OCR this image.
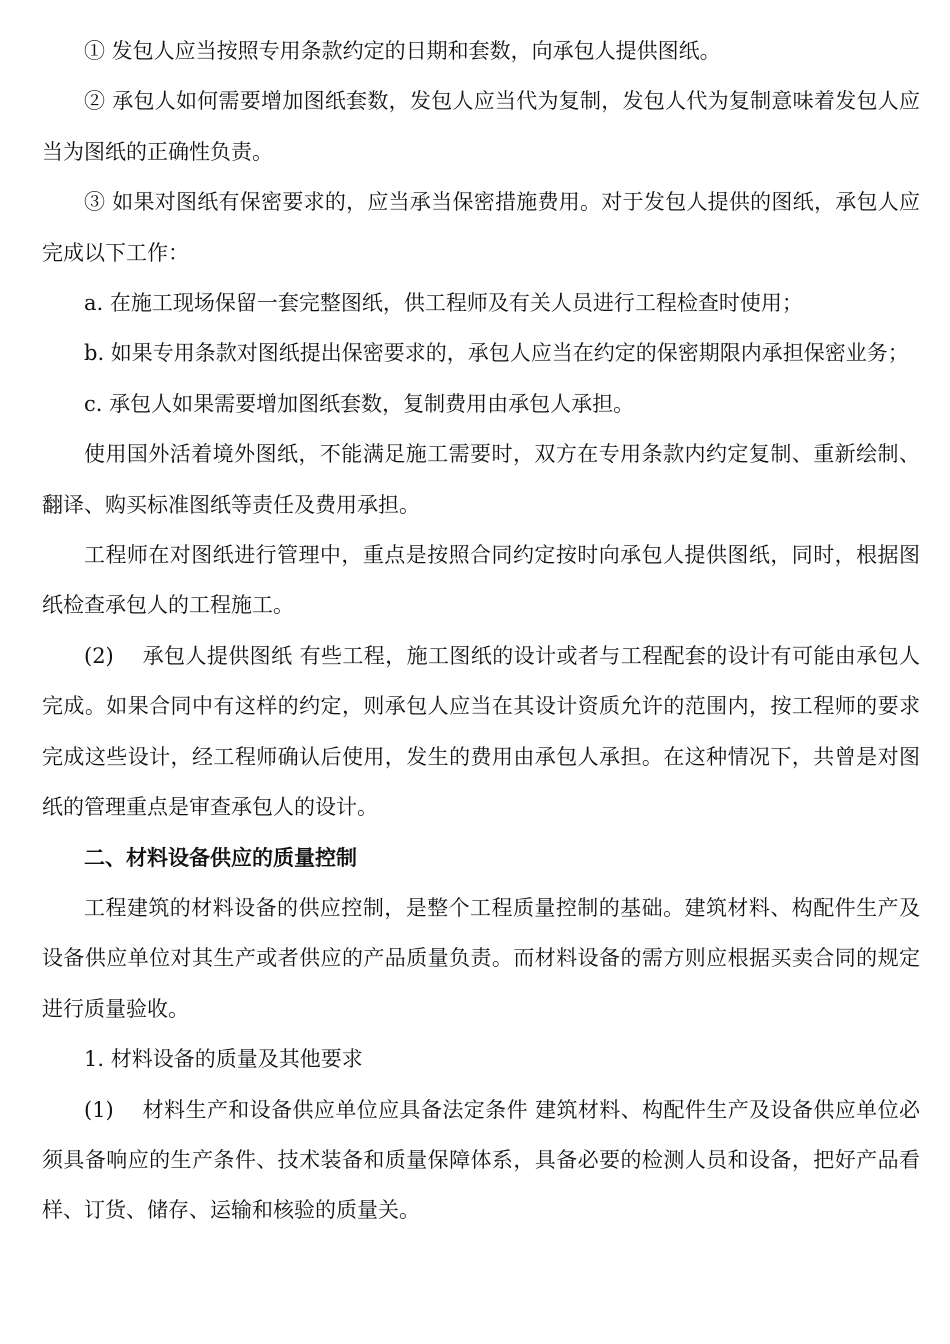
① 发包人应当按照专用条款约定的日期和套数，向承包人提供图纸。

② 承包人如何需要增加图纸套数，发包人应当代为复制，发包人代为复制意味着发包人应当为图纸的正确性负责。

③ 如果对图纸有保密要求的，应当承当保密措施费用。对于发包人提供的图纸，承包人应完成以下工作：

a. 在施工现场保留一套完整图纸，供工程师及有关人员进行工程检查时使用；

b. 如果专用条款对图纸提出保密要求的，承包人应当在约定的保密期限内承担保密业务；

c. 承包人如果需要增加图纸套数，复制费用由承包人承担。

使用国外活着境外图纸，不能满足施工需要时，双方在专用条款内约定复制、重新绘制、翻译、购买标准图纸等责任及费用承担。

工程师在对图纸进行管理中，重点是按照合同约定按时向承包人提供图纸，同时，根据图纸检查承包人的工程施工。

(2)　 承包人提供图纸 有些工程，施工图纸的设计或者与工程配套的设计有可能由承包人完成。如果合同中有这样的约定，则承包人应当在其设计资质允许的范围内，按工程师的要求完成这些设计，经工程师确认后使用，发生的费用由承包人承担。在这种情况下，共曾是对图纸的管理重点是审查承包人的设计。

二、材料设备供应的质量控制

工程建筑的材料设备的供应控制，是整个工程质量控制的基础。建筑材料、构配件生产及设备供应单位对其生产或者供应的产品质量负责。而材料设备的需方则应根据买卖合同的规定进行质量验收。

1. 材料设备的质量及其他要求

(1)　 材料生产和设备供应单位应具备法定条件 建筑材料、构配件生产及设备供应单位必须具备响应的生产条件、技术装备和质量保障体系，具备必要的检测人员和设备，把好产品看样、订货、储存、运输和核验的质量关。
